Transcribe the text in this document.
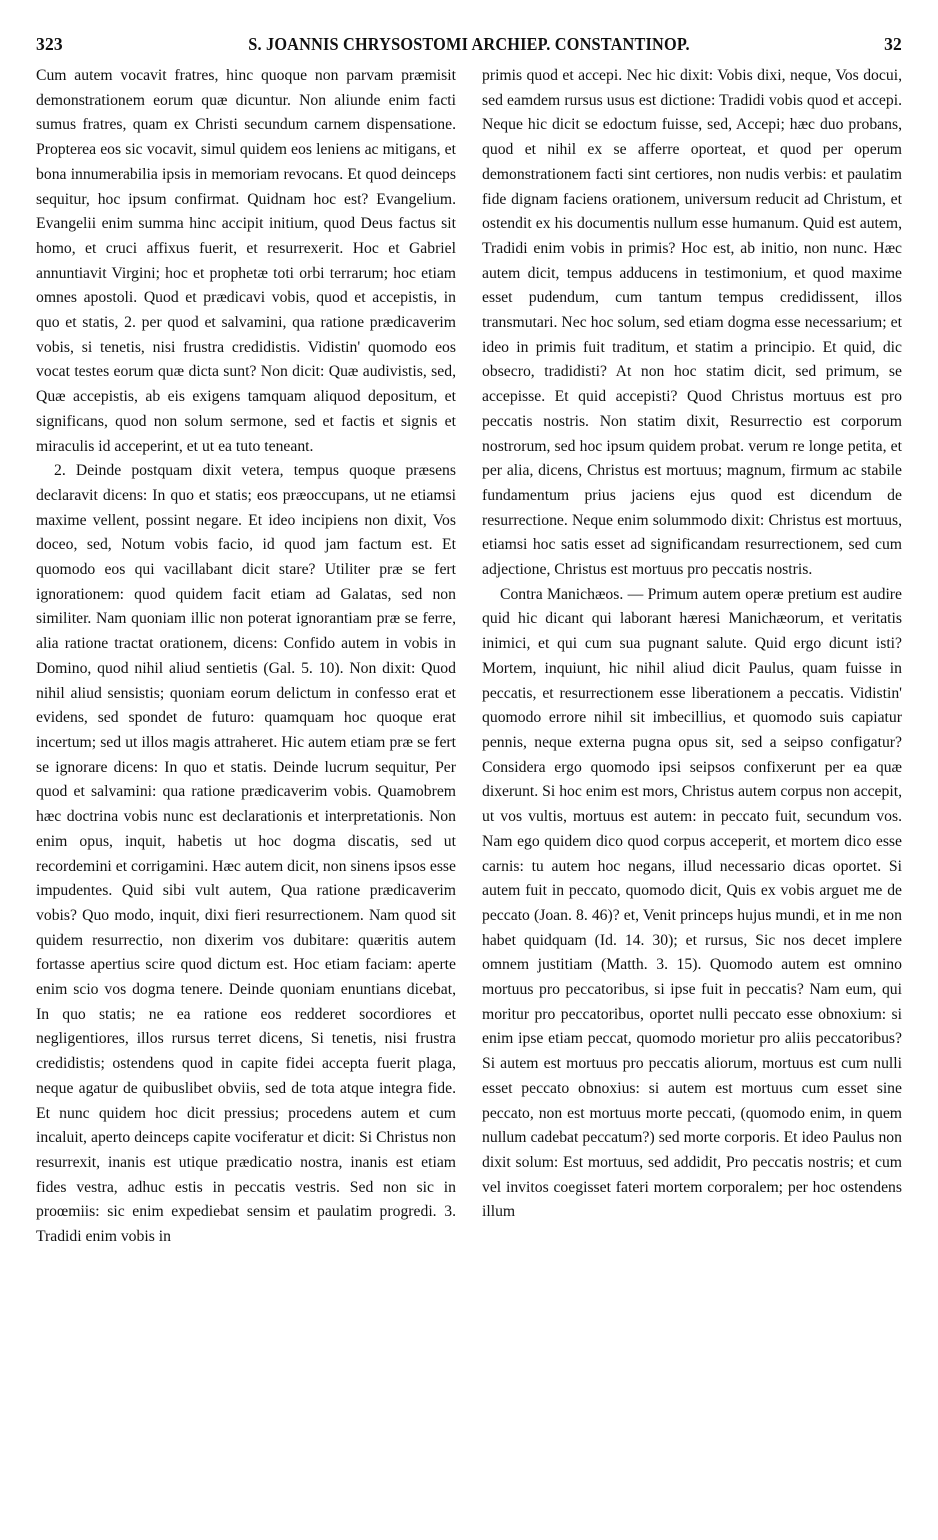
323	S. JOANNIS CHRYSOSTOMI ARCHIEP. CONSTANTINOP.	32

Cum autem vocavit fratres, hinc quoque non parvam præmisit demonstrationem eorum quæ dicuntur. Non aliunde enim facti sumus fratres, quam ex Christi secundum carnem dispensatione. Propterea eos sic vocavit, simul quidem eos leniens ac mitigans, et bona innumerabilia ipsis in memoriam revocans. Et quod deinceps sequitur, hoc ipsum confirmat. Quidnam hoc est? Evangelium. Evangelii enim summa hinc accipit initium, quod Deus factus sit homo, et cruci affixus fuerit, et resurrexerit. Hoc et Gabriel annuntiavit Virgini; hoc et prophetæ toti orbi terrarum; hoc etiam omnes apostoli. Quod et prædicavi vobis, quod et accepistis, in quo et statis, 2. per quod et salvamini, qua ratione prædicaverim vobis, si tenetis, nisi frustra credidistis. Vidistin' quomodo eos vocat testes eorum quæ dicta sunt? Non dicit: Quæ audivistis, sed, Quæ accepistis, ab eis exigens tamquam aliquod depositum, et significans, quod non solum sermone, sed et factis et signis et miraculis id acceperint, et ut ea tuto teneant.

2. Deinde postquam dixit vetera, tempus quoque præsens declaravit dicens: In quo et statis; eos præoccupans, ut ne etiamsi maxime vellent, possint negare. Et ideo incipiens non dixit, Vos doceo, sed, Notum vobis facio, id quod jam factum est. Et quomodo eos qui vacillabant dicit stare? Utiliter præ se fert ignorationem: quod quidem facit etiam ad Galatas, sed non similiter. Nam quoniam illic non poterat ignorantiam præ se ferre, alia ratione tractat orationem, dicens: Confido autem in vobis in Domino, quod nihil aliud sentietis (Gal. 5. 10). Non dixit: Quod nihil aliud sensistis; quoniam eorum delictum in confesso erat et evidens, sed spondet de futuro: quamquam hoc quoque erat incertum; sed ut illos magis attraheret. Hic autem etiam præ se fert se ignorare dicens: In quo et statis. Deinde lucrum sequitur, Per quod et salvamini: qua ratione prædicaverim vobis. Quamobrem hæc doctrina vobis nunc est declarationis et interpretationis. Non enim opus, inquit, habetis ut hoc dogma discatis, sed ut recordemini et corrigamini. Hæc autem dicit, non sinens ipsos esse impudentes. Quid sibi vult autem, Qua ratione prædicaverim vobis? Quo modo, inquit, dixi fieri resurrectionem. Nam quod sit quidem resurrectio, non dixerim vos dubitare: quæritis autem fortasse apertius scire quod dictum est. Hoc etiam faciam: aperte enim scio vos dogma tenere. Deinde quoniam enuntians dicebat, In quo statis; ne ea ratione eos redderet socordiores et negligentiores, illos rursus terret dicens, Si tenetis, nisi frustra credidistis; ostendens quod in capite fidei accepta fuerit plaga, neque agatur de quibuslibet obviis, sed de tota atque integra fide. Et nunc quidem hoc dicit pressius; procedens autem et cum incaluit, aperto deinceps capite vociferatur et dicit: Si Christus non resurrexit, inanis est utique prædicatio nostra, inanis est etiam fides vestra, adhuc estis in peccatis vestris. Sed non sic in proœmiis: sic enim expediebat sensim et paulatim progredi. 3. Tradidi enim vobis in

primis quod et accepi. Nec hic dixit: Vobis dixi, neque, Vos docui, sed eamdem rursus usus est dictione: Tradidi vobis quod et accepi. Neque hic dicit se edoctum fuisse, sed, Accepi; hæc duo probans, quod et nihil ex se afferre oporteat, et quod per operum demonstrationem facti sint certiores, non nudis verbis: et paulatim fide dignam faciens orationem, universum reducit ad Christum, et ostendit ex his documentis nullum esse humanum. Quid est autem, Tradidi enim vobis in primis? Hoc est, ab initio, non nunc. Hæc autem dicit, tempus adducens in testimonium, et quod maxime esset pudendum, cum tantum tempus credidissent, illos transmutari. Nec hoc solum, sed etiam dogma esse necessarium; et ideo in primis fuit traditum, et statim a principio. Et quid, dic obsecro, tradidisti? At non hoc statim dicit, sed primum, se accepisse. Et quid accepisti? Quod Christus mortuus est pro peccatis nostris. Non statim dixit, Resurrectio est corporum nostrorum, sed hoc ipsum quidem probat. verum re longe petita, et per alia, dicens, Christus est mortuus; magnum, firmum ac stabile fundamentum prius jaciens ejus quod est dicendum de resurrectione. Neque enim solummodo dixit: Christus est mortuus, etiamsi hoc satis esset ad significandam resurrectionem, sed cum adjectione, Christus est mortuus pro peccatis nostris.

Contra Manichæos. — Primum autem operæ pretium est audire quid hic dicant qui laborant hæresi Manichæorum, et veritatis inimici, et qui cum sua pugnant salute. Quid ergo dicunt isti? Mortem, inquiunt, hic nihil aliud dicit Paulus, quam fuisse in peccatis, et resurrectionem esse liberationem a peccatis. Vidistin' quomodo errore nihil sit imbecillius, et quomodo suis capiatur pennis, neque externa pugna opus sit, sed a seipso configatur? Considera ergo quomodo ipsi seipsos confixerunt per ea quæ dixerunt. Si hoc enim est mors, Christus autem corpus non accepit, ut vos vultis, mortuus est autem: in peccato fuit, secundum vos. Nam ego quidem dico quod corpus acceperit, et mortem dico esse carnis: tu autem hoc negans, illud necessario dicas oportet. Si autem fuit in peccato, quomodo dicit, Quis ex vobis arguet me de peccato (Joan. 8. 46)? et, Venit princeps hujus mundi, et in me non habet quidquam (Id. 14. 30); et rursus, Sic nos decet implere omnem justitiam (Matth. 3. 15). Quomodo autem est omnino mortuus pro peccatoribus, si ipse fuit in peccatis? Nam eum, qui moritur pro peccatoribus, oportet nulli peccato esse obnoxium: si enim ipse etiam peccat, quomodo morietur pro aliis peccatoribus? Si autem est mortuus pro peccatis aliorum, mortuus est cum nulli esset peccato obnoxius: si autem est mortuus cum esset sine peccato, non est mortuus morte peccati, (quomodo enim, in quem nullum cadebat peccatum?) sed morte corporis. Et ideo Paulus non dixit solum: Est mortuus, sed addidit, Pro peccatis nostris; et cum vel invitos coegisset fateri mortem corporalem; per hoc ostendens illum
